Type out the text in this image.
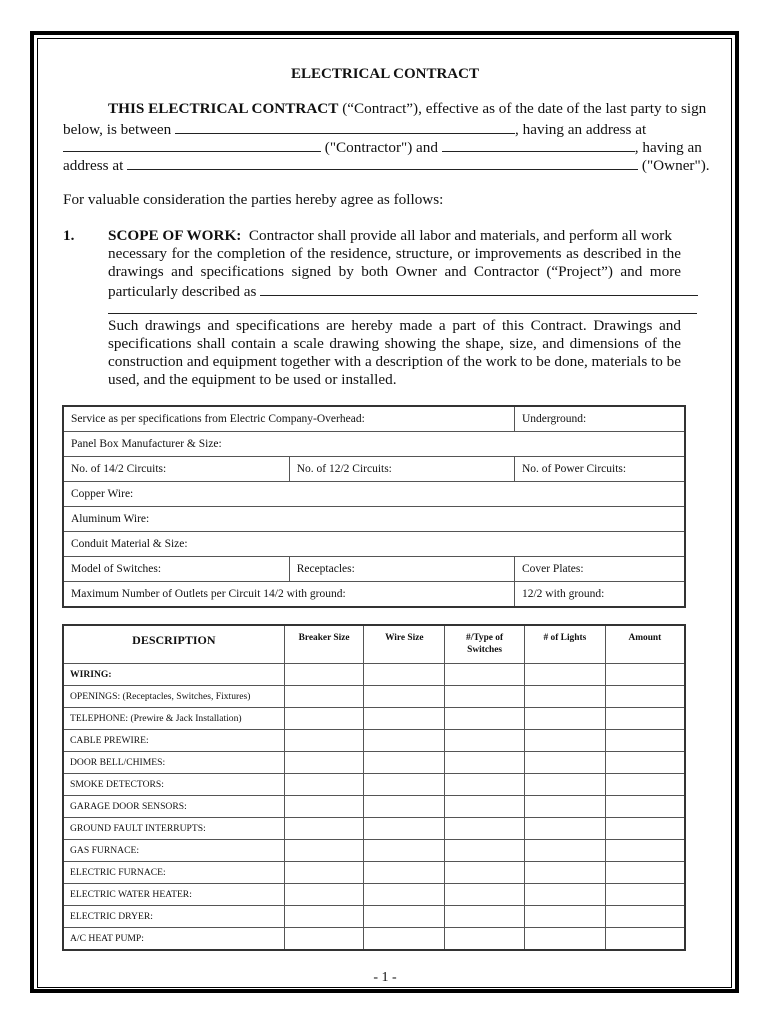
ELECTRICAL CONTRACT
THIS ELECTRICAL CONTRACT (“Contract”), effective as of the date of the last party to sign
below, is between	, having an address at
("Contractor") and	, having an
address at	("Owner").
For valuable consideration the parties hereby agree as follows:
1. SCOPE OF WORK: Contractor shall provide all labor and materials, and perform all work
necessary for the completion of the residence, structure, or improvements as described in the
drawings and specifications signed by both Owner and Contractor (“Project”) and more
particularly described as
Such drawings and specifications are hereby made a part of this Contract. Drawings and
specifications shall contain a scale drawing showing the shape, size, and dimensions of the
construction and equipment together with a description of the work to be done, materials to be
used, and the equipment to be used or installed.
Service as per specifications from Electric Company-Overhead:		Underground:
Panel Box Manufacturer & Size:		
No. of 14/2 Circuits:	No. of 12/2 Circuits:	No. of Power Circuits:
Copper Wire:		
Aluminum Wire:		
Conduit Material & Size:		
Model of Switches:	Receptacles:	Cover Plates:
Maximum Number of Outlets per Circuit 14/2 with ground:		12/2 with ground:
DESCRIPTION	Breaker Size	Wire Size	#/Type of Switches	# of Lights	Amount
WIRING:					
OPENINGS: (Receptacles, Switches, Fixtures)					
TELEPHONE: (Prewire & Jack Installation)					
CABLE PREWIRE:					
DOOR BELL/CHIMES:					
SMOKE DETECTORS:					
GARAGE DOOR SENSORS:					
GROUND FAULT INTERRUPTS:					
GAS FURNACE:					
ELECTRIC FURNACE:					
ELECTRIC WATER HEATER:					
ELECTRIC DRYER:					
A/C HEAT PUMP:					
- 1 -
